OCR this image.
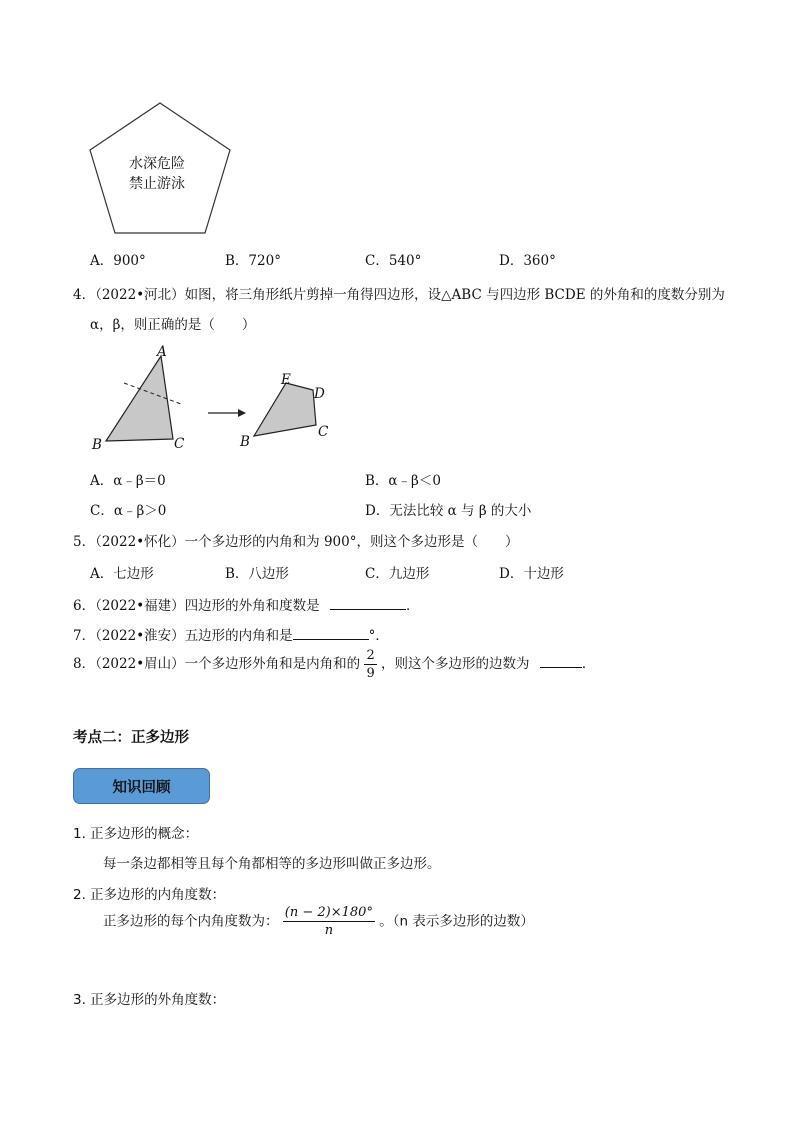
水深危险
禁止游泳
A．900°	B．720°	C．540°	D．360°
4．（2022•河北）如图，将三角形纸片剪掉一角得四边形，设△ABC 与四边形 BCDE 的外角和的度数分别为
α，β，则正确的是（　　）
A
B	C
E
D
B
C
A．α﹣β＝0	B．α﹣β＜0
C．α﹣β＞0	D．无法比较 α 与 β 的大小
5．（2022•怀化）一个多边形的内角和为 900°，则这个多边形是（　　）
A．七边形	B．八边形	C．九边形	D．十边形
6．（2022•福建）四边形的外角和度数是	．
7．（2022•淮安）五边形的内角和是	°．
8．（2022•眉山）一个多边形外角和是内角和的 $\frac{2}{9}$ ，则这个多边形的边数为	．
考点二：正多边形
知识回顾
1. 正多边形的概念：
每一条边都相等且每个角都相等的多边形叫做正多边形。
2. 正多边形的内角度数：
正多边形的每个内角度数为： $\frac{(n - 2)\times 180^\circ}{n}$ 。（n 表示多边形的边数）
3. 正多边形的外角度数：
